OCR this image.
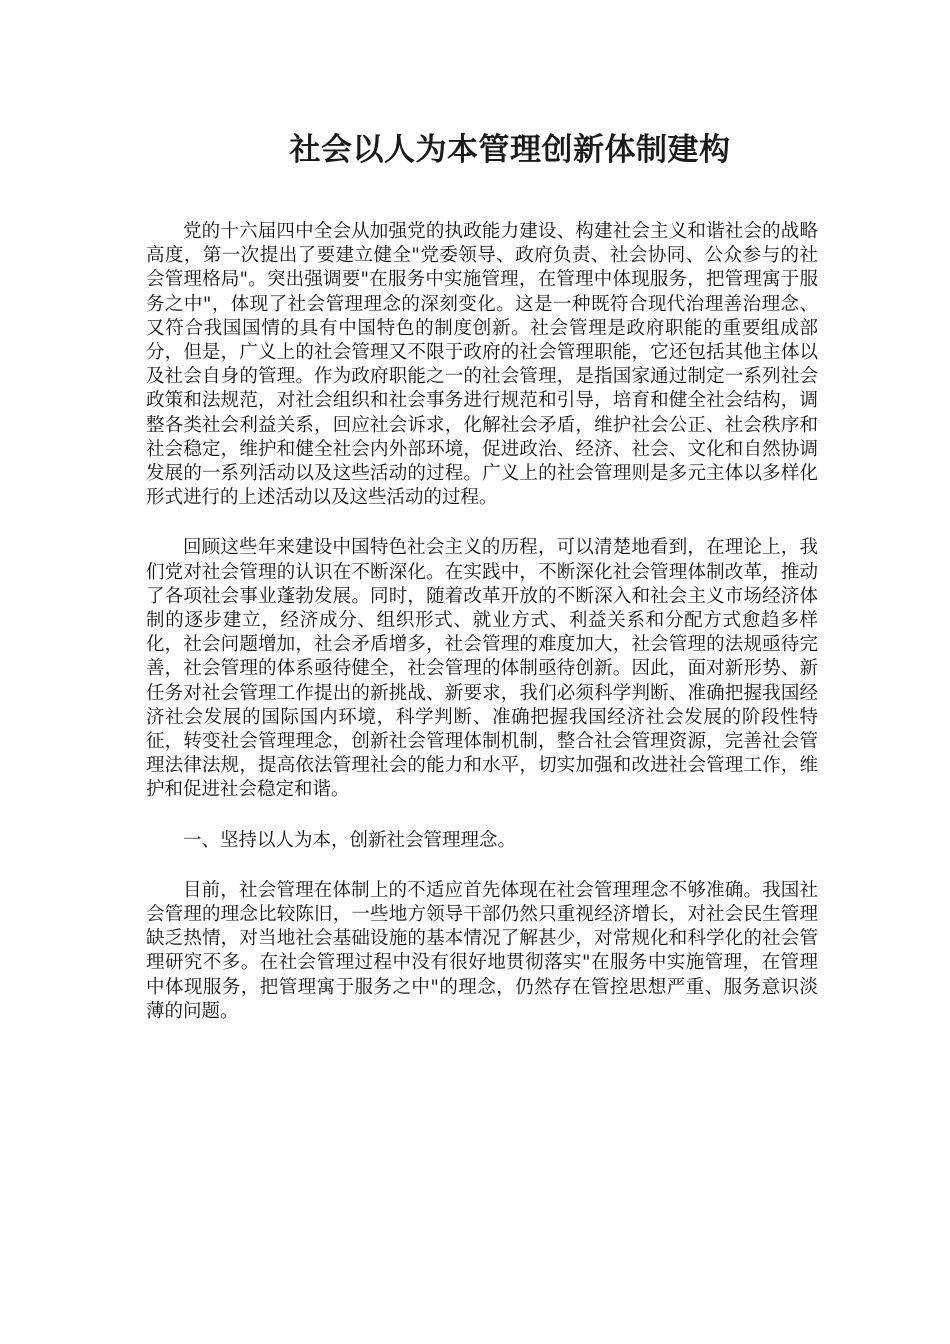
社会以人为本管理创新体制建构

党的十六届四中全会从加强党的执政能力建设、构建社会主义和谐社会的战略高度，第一次提出了要建立健全"党委领导、政府负责、社会协同、公众参与的社会管理格局"。突出强调要"在服务中实施管理，在管理中体现服务，把管理寓于服务之中"，体现了社会管理理念的深刻变化。这是一种既符合现代治理善治理念、又符合我国国情的具有中国特色的制度创新。社会管理是政府职能的重要组成部分，但是，广义上的社会管理又不限于政府的社会管理职能，它还包括其他主体以及社会自身的管理。作为政府职能之一的社会管理，是指国家通过制定一系列社会政策和法规范，对社会组织和社会事务进行规范和引导，培育和健全社会结构，调整各类社会利益关系，回应社会诉求，化解社会矛盾，维护社会公正、社会秩序和社会稳定，维护和健全社会内外部环境，促进政治、经济、社会、文化和自然协调发展的一系列活动以及这些活动的过程。广义上的社会管理则是多元主体以多样化形式进行的上述活动以及这些活动的过程。

回顾这些年来建设中国特色社会主义的历程，可以清楚地看到，在理论上，我们党对社会管理的认识在不断深化。在实践中，不断深化社会管理体制改革，推动了各项社会事业蓬勃发展。同时，随着改革开放的不断深入和社会主义市场经济体制的逐步建立，经济成分、组织形式、就业方式、利益关系和分配方式愈趋多样化，社会问题增加，社会矛盾增多，社会管理的难度加大，社会管理的法规亟待完善，社会管理的体系亟待健全，社会管理的体制亟待创新。因此，面对新形势、新任务对社会管理工作提出的新挑战、新要求，我们必须科学判断、准确把握我国经济社会发展的国际国内环境，科学判断、准确把握我国经济社会发展的阶段性特征，转变社会管理理念，创新社会管理体制机制，整合社会管理资源，完善社会管理法律法规，提高依法管理社会的能力和水平，切实加强和改进社会管理工作，维护和促进社会稳定和谐。

一、坚持以人为本，创新社会管理理念。

目前，社会管理在体制上的不适应首先体现在社会管理理念不够准确。我国社会管理的理念比较陈旧，一些地方领导干部仍然只重视经济增长，对社会民生管理缺乏热情，对当地社会基础设施的基本情况了解甚少，对常规化和科学化的社会管理研究不多。在社会管理过程中没有很好地贯彻落实"在服务中实施管理，在管理中体现服务，把管理寓于服务之中"的理念，仍然存在管控思想严重、服务意识淡薄的问题。
